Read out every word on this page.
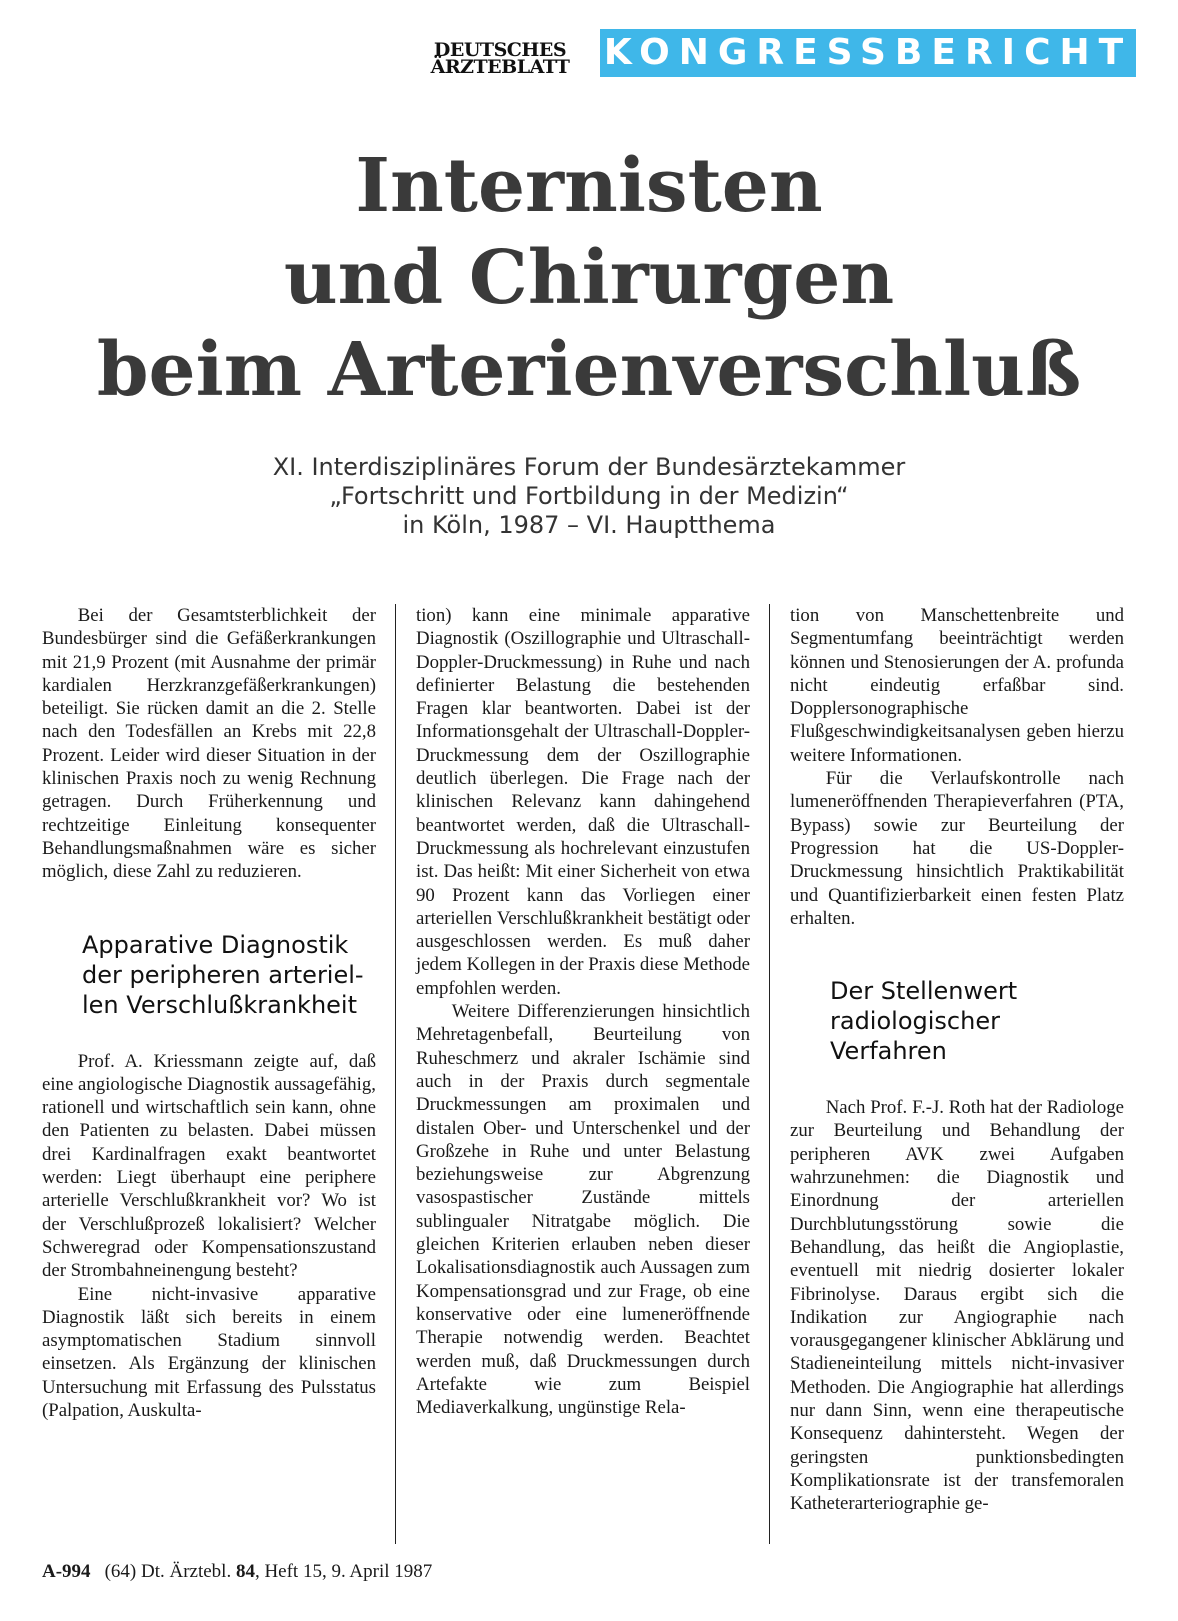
DEUTSCHES
ÄRZTEBLATT KONGRESSBERICHT
Internisten
und Chirurgen
beim Arterienverschluß
XI. Interdisziplinäres Forum der Bundesärztekammer
„Fortschritt und Fortbildung in der Medizin“
in Köln, 1987 – VI. Hauptthema

Bei der Gesamtsterblichkeit der Bundesbürger sind die Gefäßerkrankungen mit 21,9 Prozent (mit Ausnahme der primär kardialen Herzkranzgefäßerkrankungen) beteiligt. Sie rücken damit an die 2. Stelle nach den Todesfällen an Krebs mit 22,8 Prozent. Leider wird dieser Situation in der klinischen Praxis noch zu wenig Rechnung getragen. Durch Früherkennung und rechtzeitige Einleitung konsequenter Behandlungsmaßnahmen wäre es sicher möglich, diese Zahl zu reduzieren.

Apparative Diagnostik
der peripheren arteriel-
len Verschlußkrankheit

Prof. A. Kriessmann zeigte auf, daß eine angiologische Diagnostik aussagefähig, rationell und wirtschaftlich sein kann, ohne den Patienten zu belasten. Dabei müssen drei Kardinalfragen exakt beantwortet werden: Liegt überhaupt eine periphere arterielle Verschlußkrankheit vor? Wo ist der Verschlußprozeß lokalisiert? Welcher Schweregrad oder Kompensationszustand der Strombahneinengung besteht?

Eine nicht-invasive apparative Diagnostik läßt sich bereits in einem asymptomatischen Stadium sinnvoll einsetzen. Als Ergänzung der klinischen Untersuchung mit Erfassung des Pulsstatus (Palpation, Auskulta-

tion) kann eine minimale apparative Diagnostik (Oszillographie und Ultraschall-Doppler-Druckmessung) in Ruhe und nach definierter Belastung die bestehenden Fragen klar beantworten. Dabei ist der Informationsgehalt der Ultraschall-Doppler-Druckmessung dem der Oszillographie deutlich überlegen. Die Frage nach der klinischen Relevanz kann dahingehend beantwortet werden, daß die Ultraschall-Druckmessung als hochrelevant einzustufen ist. Das heißt: Mit einer Sicherheit von etwa 90 Prozent kann das Vorliegen einer arteriellen Verschlußkrankheit bestätigt oder ausgeschlossen werden. Es muß daher jedem Kollegen in der Praxis diese Methode empfohlen werden.

Weitere Differenzierungen hinsichtlich Mehretagenbefall, Beurteilung von Ruheschmerz und akraler Ischämie sind auch in der Praxis durch segmentale Druckmessungen am proximalen und distalen Ober- und Unterschenkel und der Großzehe in Ruhe und unter Belastung beziehungsweise zur Abgrenzung vasospastischer Zustände mittels sublingualer Nitratgabe möglich. Die gleichen Kriterien erlauben neben dieser Lokalisationsdiagnostik auch Aussagen zum Kompensationsgrad und zur Frage, ob eine konservative oder eine lumeneröffnende Therapie notwendig werden. Beachtet werden muß, daß Druckmessungen durch Artefakte wie zum Beispiel Mediaverkalkung, ungünstige Rela-

tion von Manschettenbreite und Segmentumfang beeinträchtigt werden können und Stenosierungen der A. profunda nicht eindeutig erfaßbar sind. Dopplersonographische Flußgeschwindigkeitsanalysen geben hierzu weitere Informationen.

Für die Verlaufskontrolle nach lumeneröffnenden Therapieverfahren (PTA, Bypass) sowie zur Beurteilung der Progression hat die US-Doppler-Druckmessung hinsichtlich Praktikabilität und Quantifizierbarkeit einen festen Platz erhalten.

Der Stellenwert
radiologischer
Verfahren

Nach Prof. F.-J. Roth hat der Radiologe zur Beurteilung und Behandlung der peripheren AVK zwei Aufgaben wahrzunehmen: die Diagnostik und Einordnung der arteriellen Durchblutungsstörung sowie die Behandlung, das heißt die Angioplastie, eventuell mit niedrig dosierter lokaler Fibrinolyse. Daraus ergibt sich die Indikation zur Angiographie nach vorausgegangener klinischer Abklärung und Stadieneinteilung mittels nicht-invasiver Methoden. Die Angiographie hat allerdings nur dann Sinn, wenn eine therapeutische Konsequenz dahintersteht. Wegen der geringsten punktionsbedingten Komplikationsrate ist der transfemoralen Katheterarteriographie ge-

A-994 (64) Dt. Ärztebl. 84, Heft 15, 9. April 1987
